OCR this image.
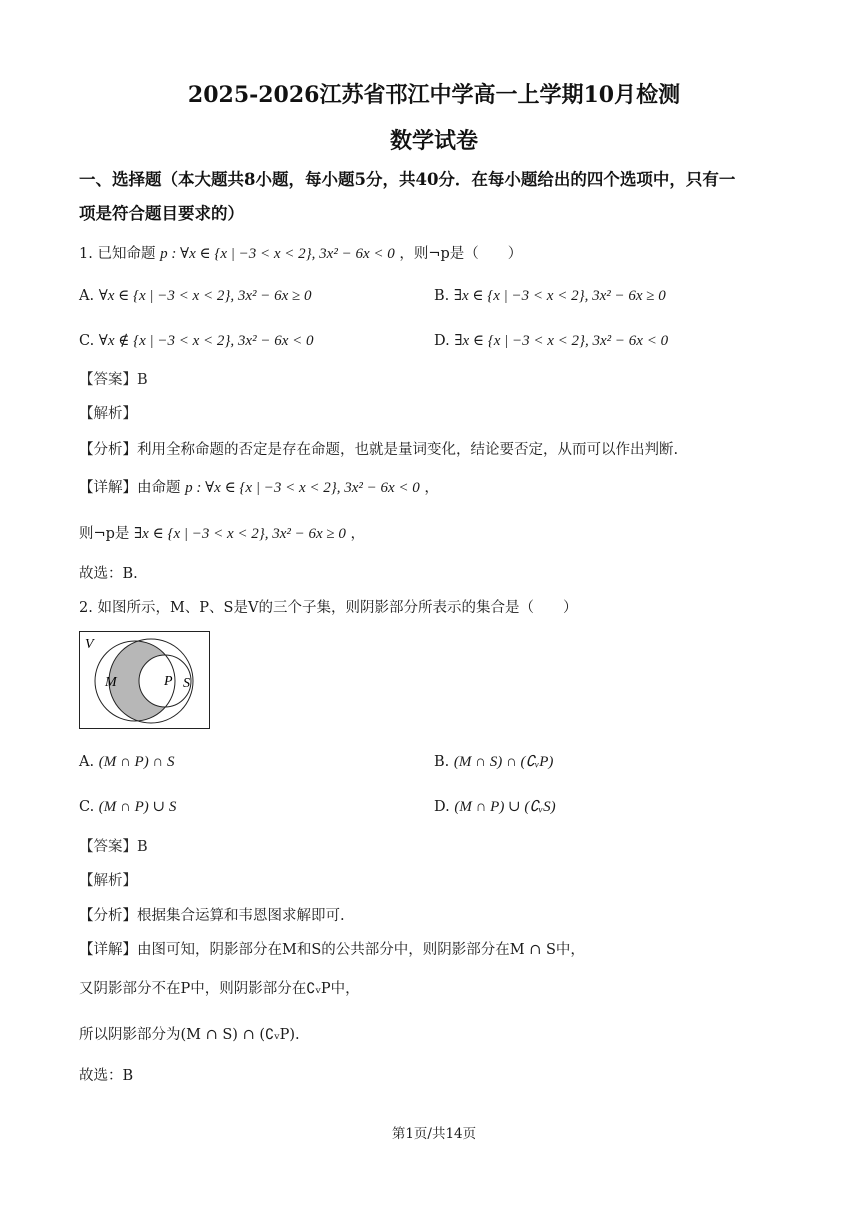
2025-2026江苏省邗江中学高一上学期10月检测
数学试卷
一、选择题（本大题共8小题，每小题5分，共40分．在每小题给出的四个选项中，只有一
项是符合题目要求的）
1. 已知命题 p : ∀x ∈ {x | −3 < x < 2}, 3x² − 6x < 0 ，则¬p是（　　）
A. ∀x ∈ {x | −3 < x < 2}, 3x² − 6x ≥ 0	B. ∃x ∈ {x | −3 < x < 2}, 3x² − 6x ≥ 0
C. ∀x ∉ {x | −3 < x < 2}, 3x² − 6x < 0	D. ∃x ∈ {x | −3 < x < 2}, 3x² − 6x < 0
【答案】B
【解析】
【分析】利用全称命题的否定是存在命题，也就是量词变化，结论要否定，从而可以作出判断.
【详解】由命题 p : ∀x ∈ {x | −3 < x < 2}, 3x² − 6x < 0 ，
则¬p是 ∃x ∈ {x | −3 < x < 2}, 3x² − 6x ≥ 0 ，
故选：B.
2. 如图所示，M、P、S是V的三个子集，则阴影部分所表示的集合是（　　）
V
M	P S
A. (M ∩ P) ∩ S	B. (M ∩ S) ∩ (∁ᵥP)
C. (M ∩ P) ∪ S	D. (M ∩ P) ∪ (∁ᵥS)
【答案】B
【解析】
【分析】根据集合运算和韦恩图求解即可.
【详解】由图可知，阴影部分在M和S的公共部分中，则阴影部分在M ∩ S中，
又阴影部分不在P中，则阴影部分在∁ᵥP中，
所以阴影部分为(M ∩ S) ∩ (∁ᵥP).
故选：B
第1页/共14页
